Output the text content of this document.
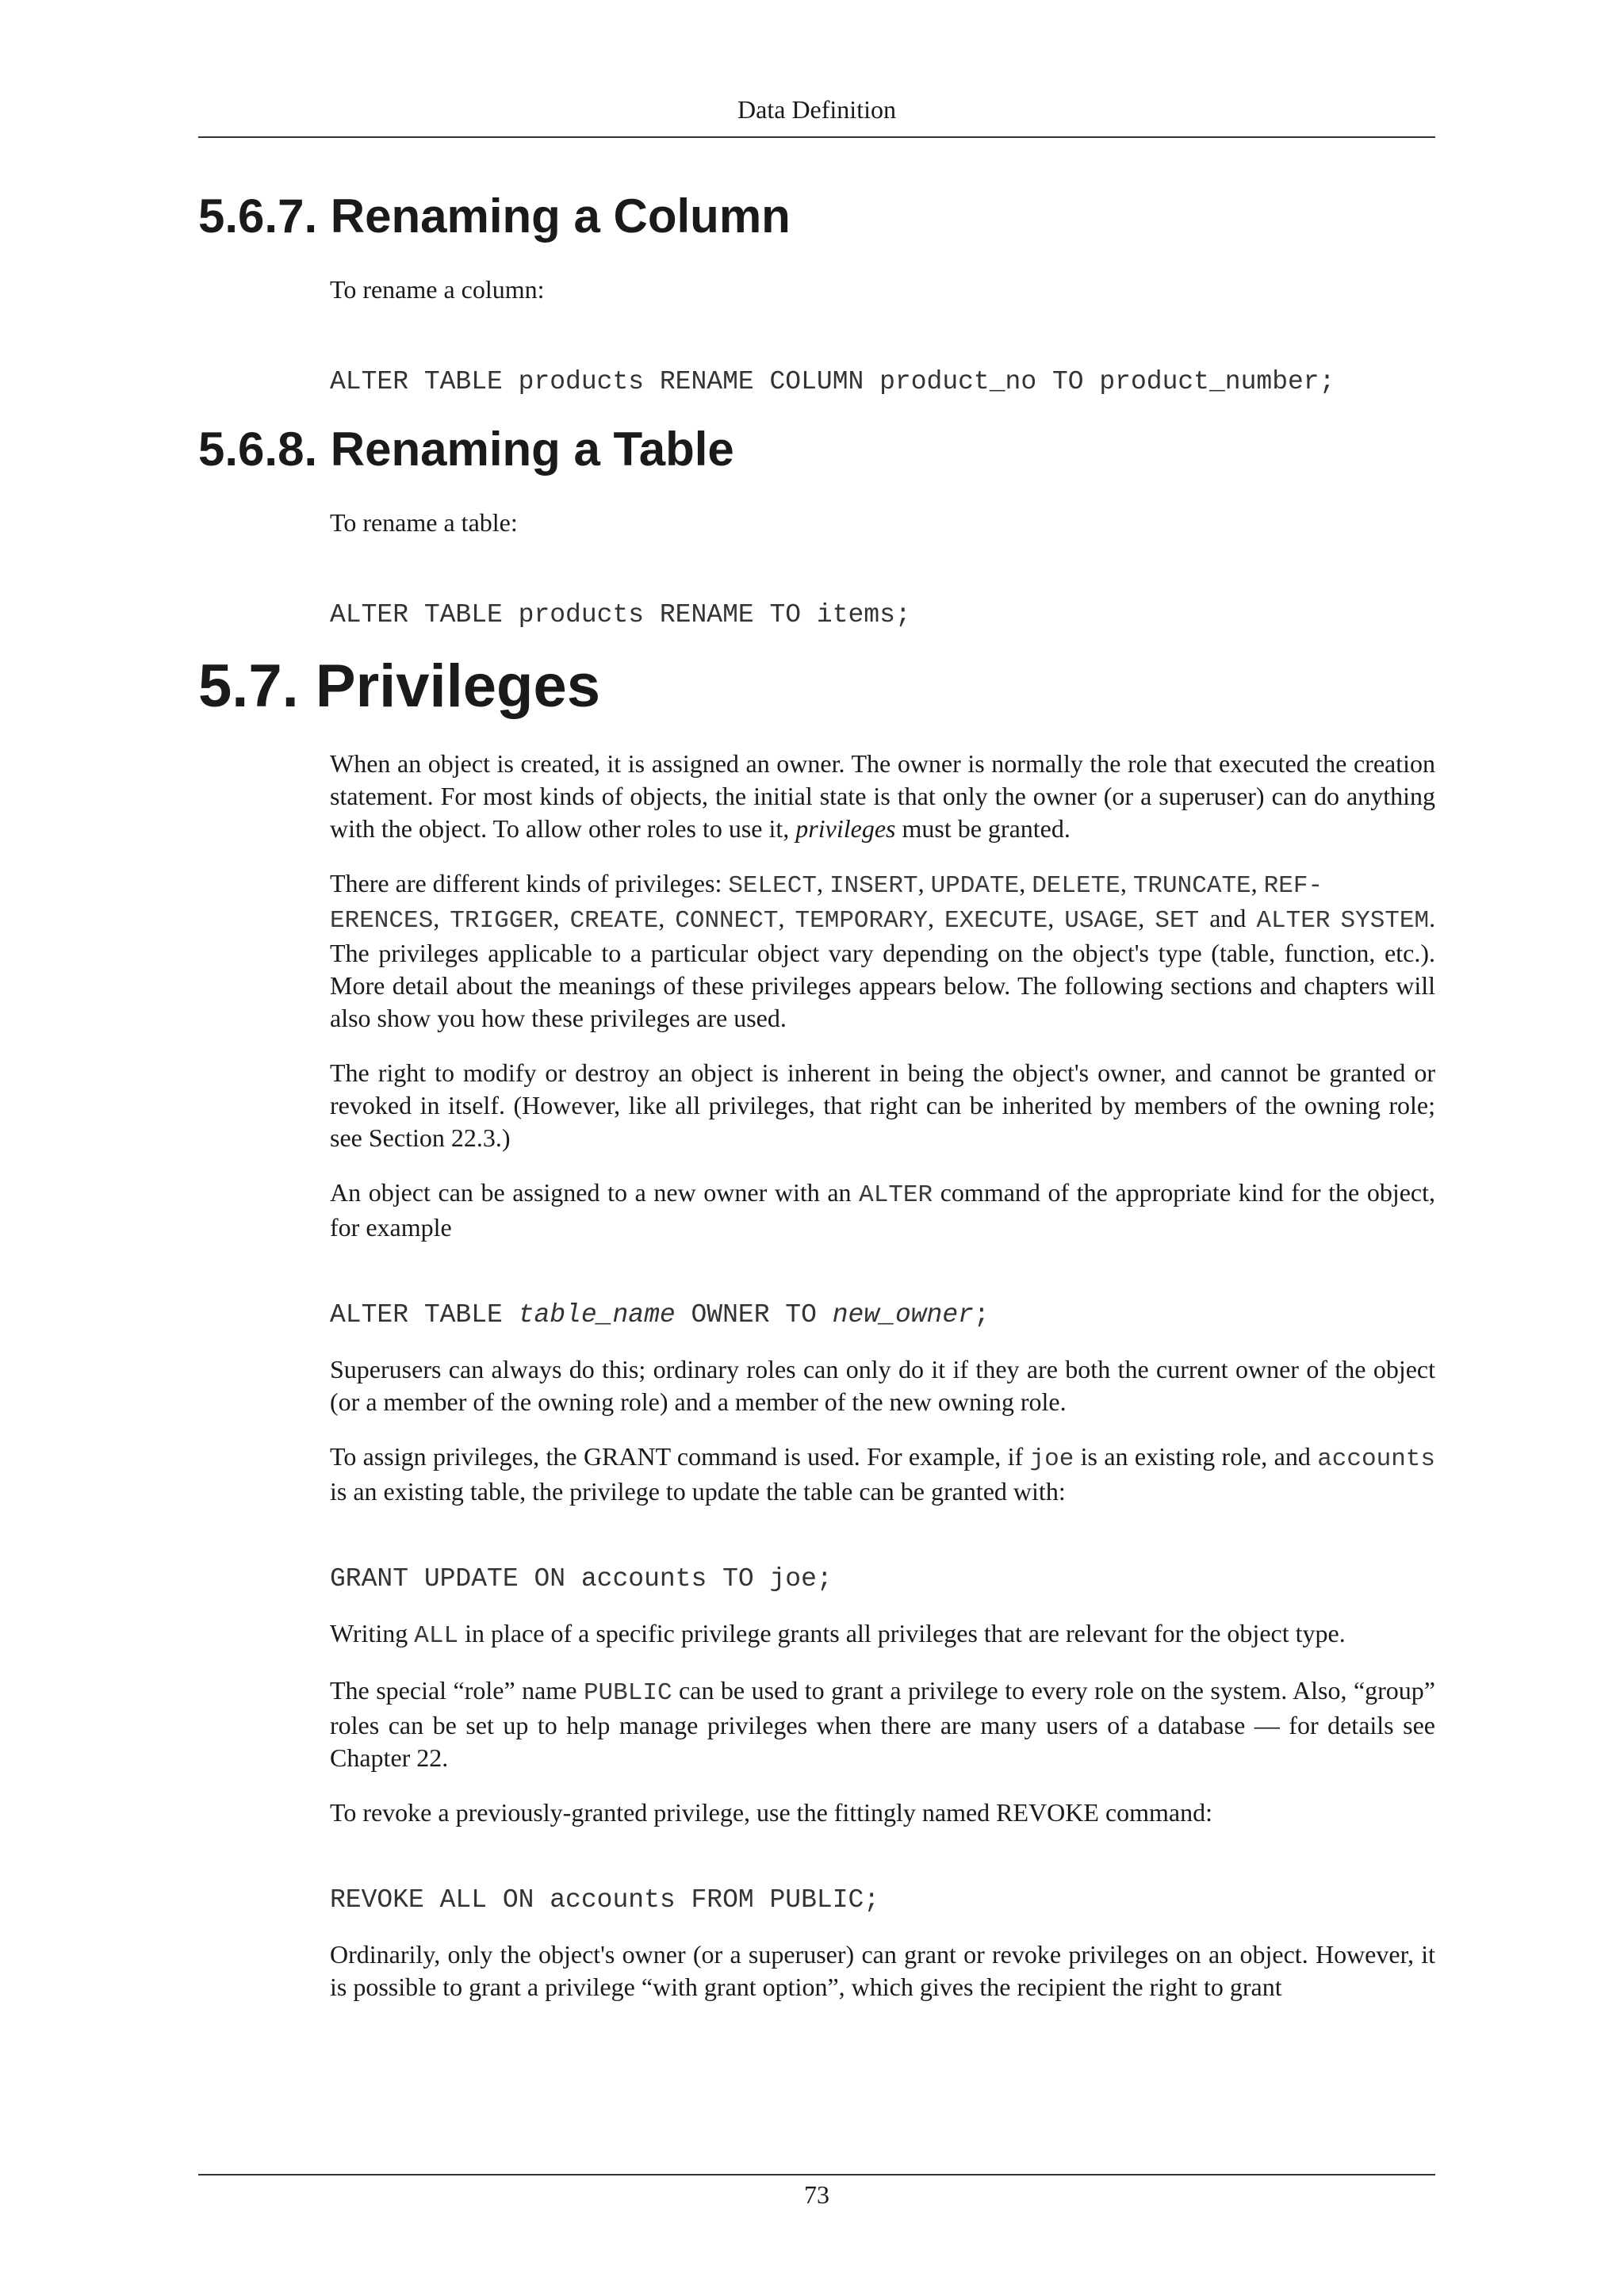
Data Definition
5.6.7. Renaming a Column

To rename a column:

ALTER TABLE products RENAME COLUMN product_no TO product_number;
5.6.8. Renaming a Table

To rename a table:

ALTER TABLE products RENAME TO items;
5.7. Privileges

When an object is created, it is assigned an owner. The owner is normally the role that executed the creation statement. For most kinds of objects, the initial state is that only the owner (or a superuser) can do anything with the object. To allow other roles to use it, privileges must be granted.

There are different kinds of privileges: SELECT, INSERT, UPDATE, DELETE, TRUNCATE, REF-
ERENCES, TRIGGER, CREATE, CONNECT, TEMPORARY, EXECUTE, USAGE, SET and ALTER SYSTEM. The privileges applicable to a particular object vary depending on the object's type (table, function, etc.). More detail about the meanings of these privileges appears below. The following sections and chapters will also show you how these privileges are used.

The right to modify or destroy an object is inherent in being the object's owner, and cannot be granted or revoked in itself. (However, like all privileges, that right can be inherited by members of the owning role; see Section 22.3.)

An object can be assigned to a new owner with an ALTER command of the appropriate kind for the object, for example

ALTER TABLE table_name OWNER TO new_owner;

Superusers can always do this; ordinary roles can only do it if they are both the current owner of the object (or a member of the owning role) and a member of the new owning role.

To assign privileges, the GRANT command is used. For example, if joe is an existing role, and accounts is an existing table, the privilege to update the table can be granted with:

GRANT UPDATE ON accounts TO joe;

Writing ALL in place of a specific privilege grants all privileges that are relevant for the object type.

The special “role” name PUBLIC can be used to grant a privilege to every role on the system. Also, “group” roles can be set up to help manage privileges when there are many users of a database — for details see Chapter 22.

To revoke a previously-granted privilege, use the fittingly named REVOKE command:

REVOKE ALL ON accounts FROM PUBLIC;

Ordinarily, only the object's owner (or a superuser) can grant or revoke privileges on an object. However, it is possible to grant a privilege “with grant option”, which gives the recipient the right to grant

73
